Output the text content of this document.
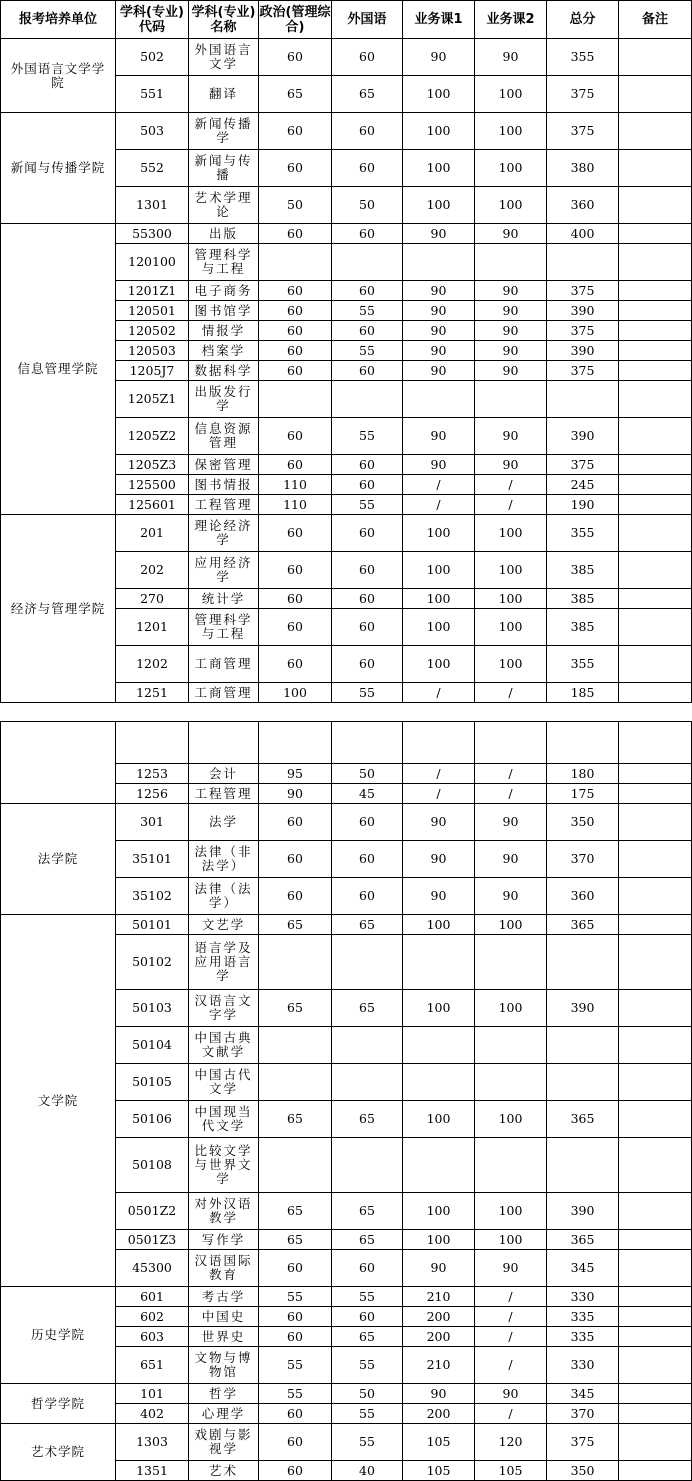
报考培养单位	学科(专业)代码	学科(专业)名称	政治(管理综合)	外国语	业务课1	业务课2	总分	备注
外国语言文学学院	502	外国语言文学	60	60	90	90	355	
	551	翻译	65	65	100	100	375	
新闻与传播学院	503	新闻传播学	60	60	100	100	375	
	552	新闻与传播	60	60	100	100	380	
	1301	艺术学理论	50	50	100	100	360	
信息管理学院	55300	出版	60	60	90	90	400	
	120100	管理科学与工程						
	1201Z1	电子商务	60	60	90	90	375	
	120501	图书馆学	60	55	90	90	390	
	120502	情报学	60	60	90	90	375	
	120503	档案学	60	55	90	90	390	
	1205J7	数据科学	60	60	90	90	375	
	1205Z1	出版发行学						
	1205Z2	信息资源管理	60	55	90	90	390	
	1205Z3	保密管理	60	60	90	90	375	
	125500	图书情报	110	60	/	/	245	
	125601	工程管理	110	55	/	/	190	
经济与管理学院	201	理论经济学	60	60	100	100	355	
	202	应用经济学	60	60	100	100	385	
	270	统计学	60	60	100	100	385	
	1201	管理科学与工程	60	60	100	100	385	
	1202	工商管理	60	60	100	100	355	
	1251	工商管理	100	55	/	/	185	

	1253	会计	95	50	/	/	180	
	1256	工程管理	90	45	/	/	175	
法学院	301	法学	60	60	90	90	350	
	35101	法律（非法学）	60	60	90	90	370	
	35102	法律（法学）	60	60	90	90	360	
文学院	50101	文艺学	65	65	100	100	365	
	50102	语言学及应用语言学						
	50103	汉语言文字学	65	65	100	100	390	
	50104	中国古典文献学						
	50105	中国古代文学						
	50106	中国现当代文学	65	65	100	100	365	
	50108	比较文学与世界文学						
	0501Z2	对外汉语教学	65	65	100	100	390	
	0501Z3	写作学	65	65	100	100	365	
	45300	汉语国际教育	60	60	90	90	345	
历史学院	601	考古学	55	55	210	/	330	
	602	中国史	60	60	200	/	335	
	603	世界史	60	65	200	/	335	
	651	文物与博物馆	55	55	210	/	330	
哲学学院	101	哲学	55	50	90	90	345	
	402	心理学	60	55	200	/	370	
艺术学院	1303	戏剧与影视学	60	55	105	120	375	
	1351	艺术	60	40	105	105	350	
